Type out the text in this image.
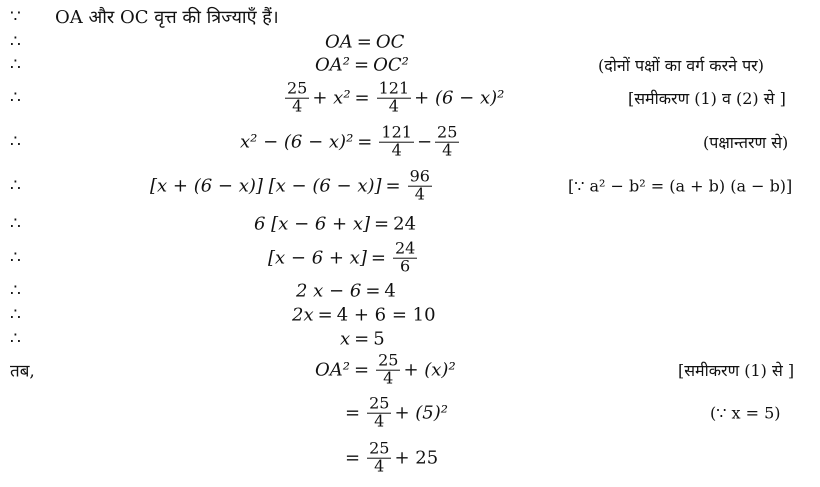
∵ OA और OC वृत्त की त्रिज्याएँ हैं।
∴	OA = OC
∴	OA² = OC²	(दोनों पक्षों का वर्ग करने पर)
∴	$\frac{25}{4} + x^2 = \frac{121}{4} + (6 - x)^2$	[समीकरण (1) व (2) से ]
∴	$x^2 - (6 - x)^2 = \frac{121}{4} - \frac{25}{4}$	(पक्षान्तरण से)
∴	[x + (6 − x)] $[x - (6 - x)] = \frac{96}{4}$	[∵ a² − b² = (a + b) (a − b)]
∴	6 [x − 6 + x] = 24
∴	$[x - 6 + x] = \frac{24}{6}$
∴	2 x − 6 = 4
∴	2x = 4 + 6 = 10
∴	x = 5
तब,	$OA^2 = \frac{25}{4} + (x)^2$	[समीकरण (1) से ]
= $\frac{25}{4} + (5)^2$	(∵ x = 5)
= $\frac{25}{4} + 25$
